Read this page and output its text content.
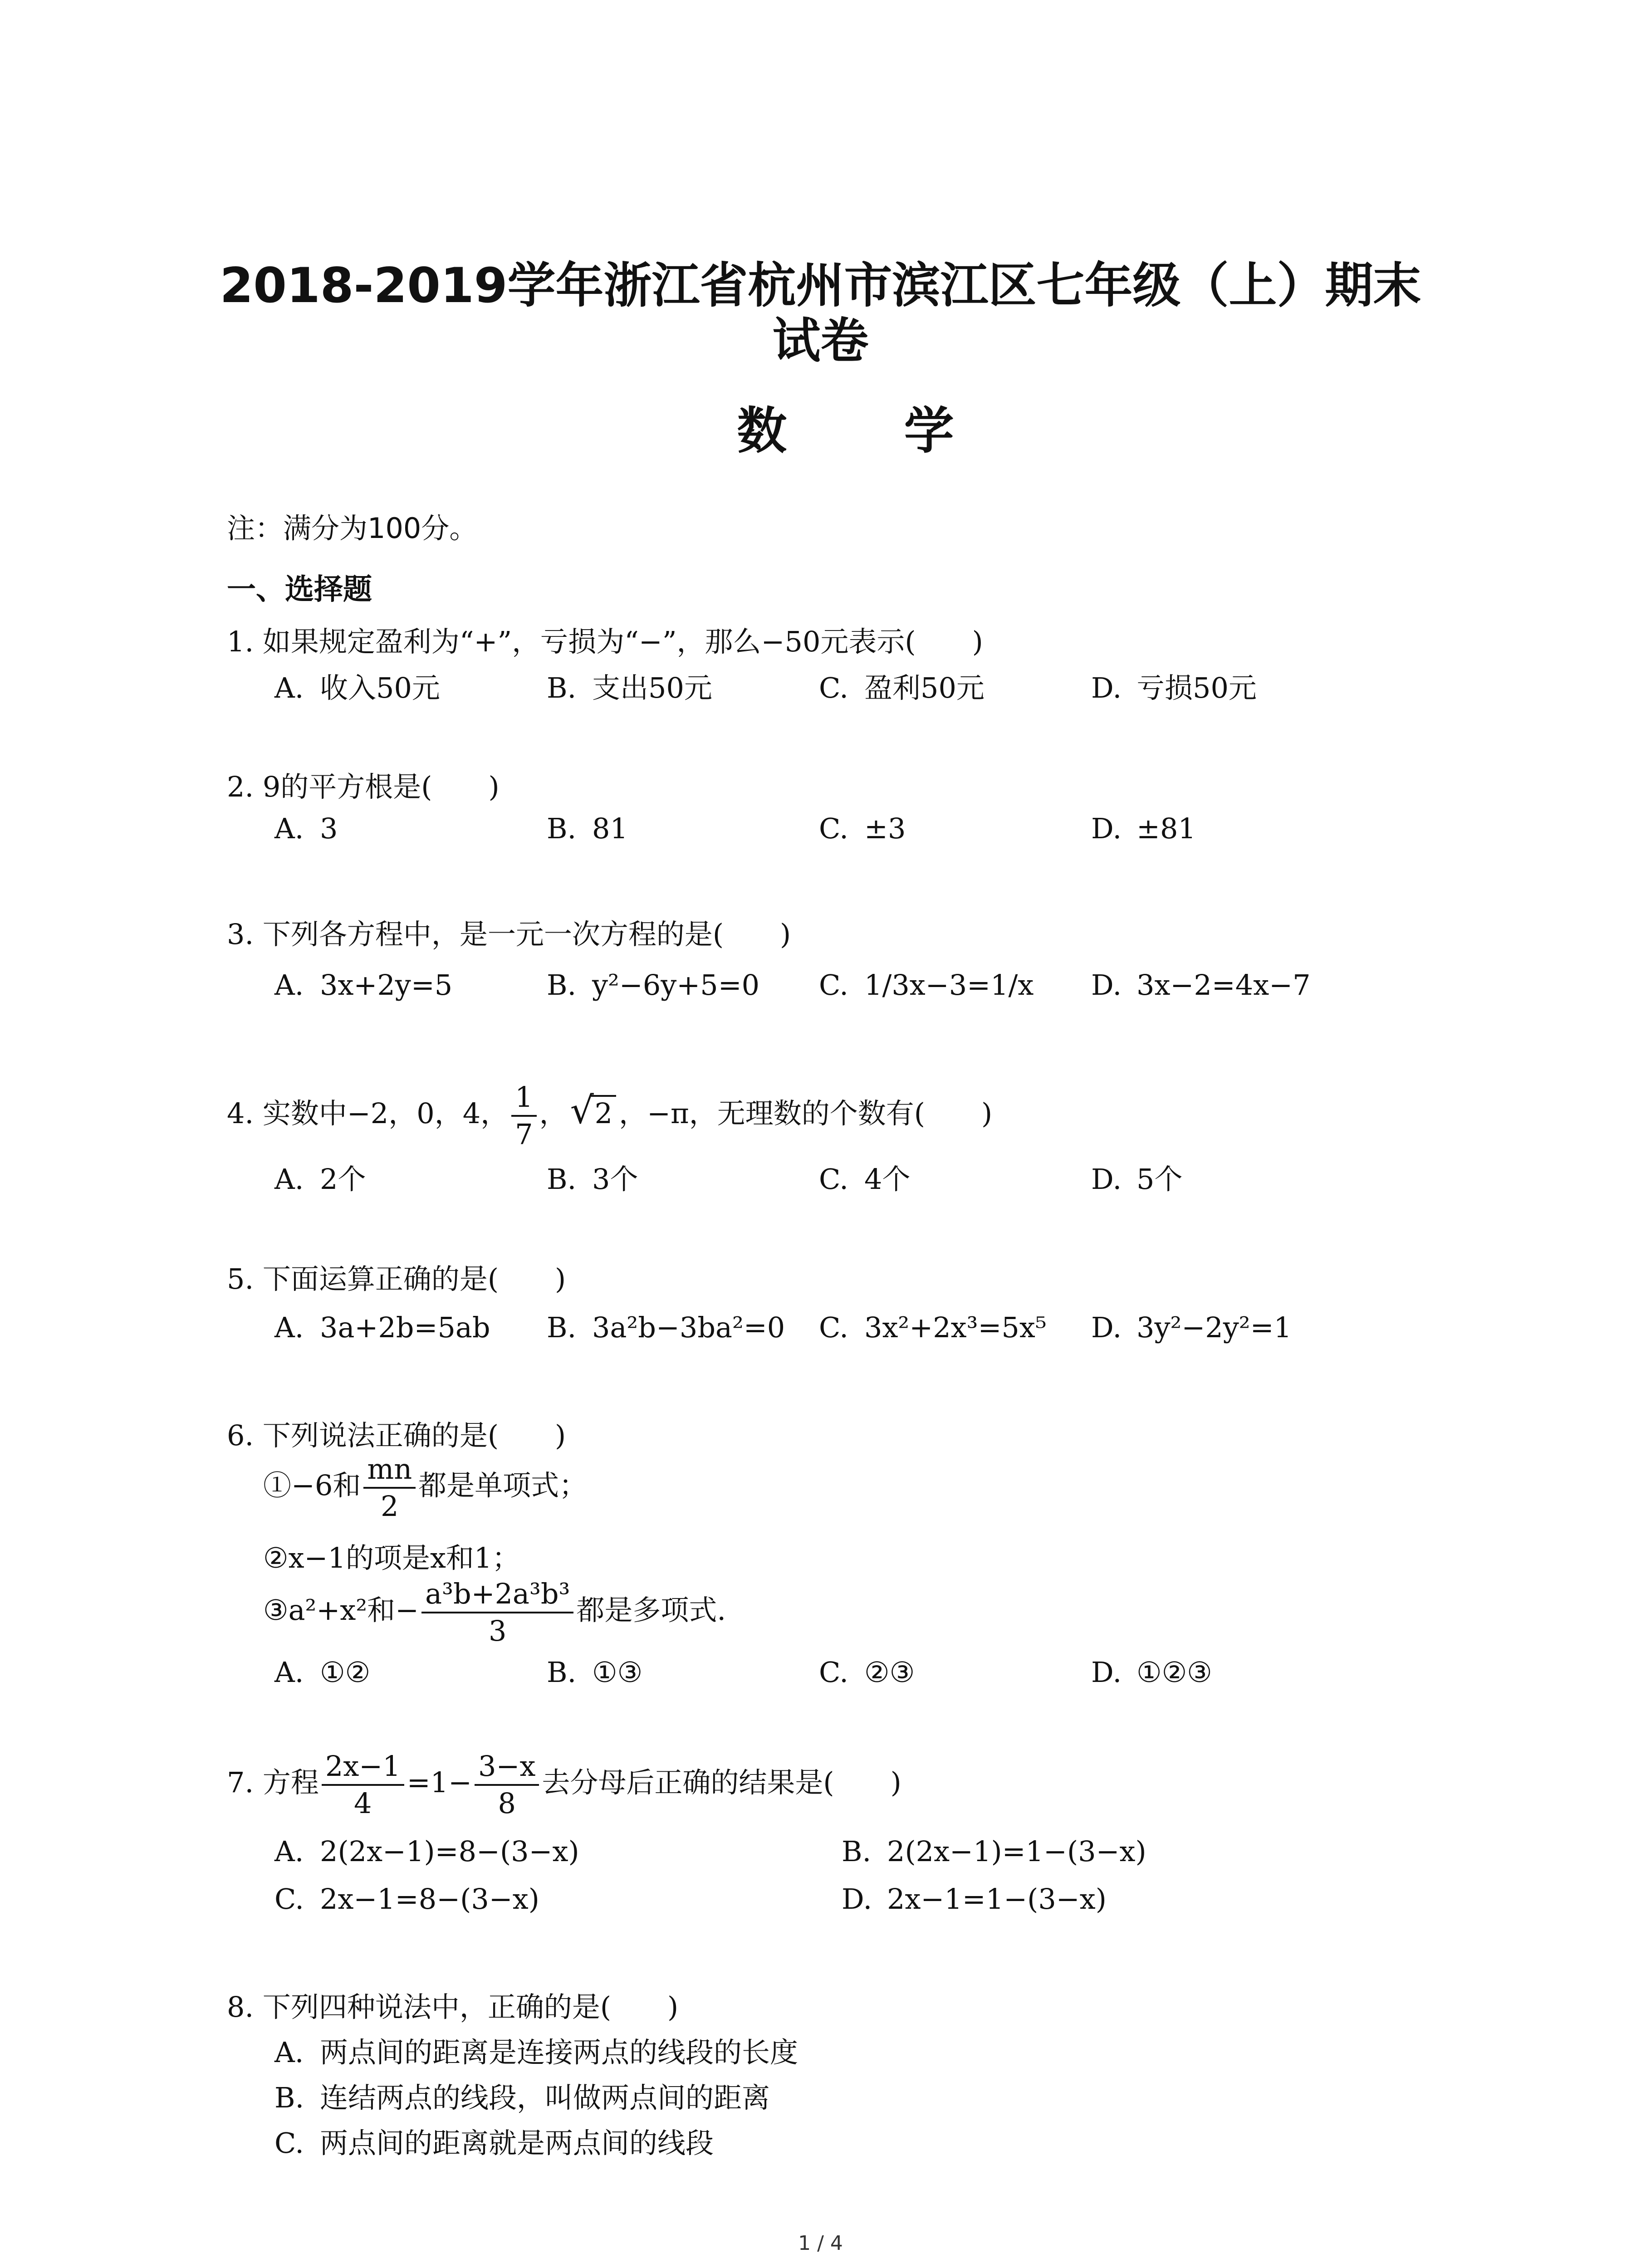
2018-2019学年浙江省杭州市滨江区七年级（上）期末
试卷
数 学
注：满分为100分。
一、选择题
1. 如果规定盈利为“+”，亏损为“−”，那么−50元表示(　　)
A. 收入50元	B. 支出50元	C. 盈利50元	D. 亏损50元
2. 9的平方根是(　　)
A. 3	B. 81	C. ±3	D. ±81
3. 下列各方程中，是一元一次方程的是(　　)
A. 3x+2y=5	B. y²−6y+5=0 C. 1/3x−3=1/x D. 3x−2=4x−7
4. 实数中−2，0，4， $\frac{1}{7}$ ， √ 2 ，−π，无理数的个数有(　　)
A. 2个	B. 3个	C. 4个	D. 5个
5. 下面运算正确的是(　　)
A. 3a+2b=5ab B. 3a²b−3ba²=0 C. 3x²+2x³=5x⁵ D. 3y²−2y²=1
6. 下列说法正确的是(　　)
①−6和 $\frac{mn}{2}$ 都是单项式；
②x−1的项是x和1；
③a²+x²和− $\frac{\text{a³b+2a³b³}}{3}$ 都是多项式.
A. ①②	B. ①③	C. ②③	D. ①②③
7. 方程 $\frac{2x-1}{4} =1- \frac{3-x}{8}$ 去分母后正确的结果是(　　)
A. 2(2x−1)=8−(3−x)	B. 2(2x−1)=1−(3−x)
C. 2x−1=8−(3−x)	D. 2x−1=1−(3−x)
8. 下列四种说法中，正确的是(　　)
A. 两点间的距离是连接两点的线段的长度
B. 连结两点的线段，叫做两点间的距离
C. 两点间的距离就是两点间的线段
1 / 4
